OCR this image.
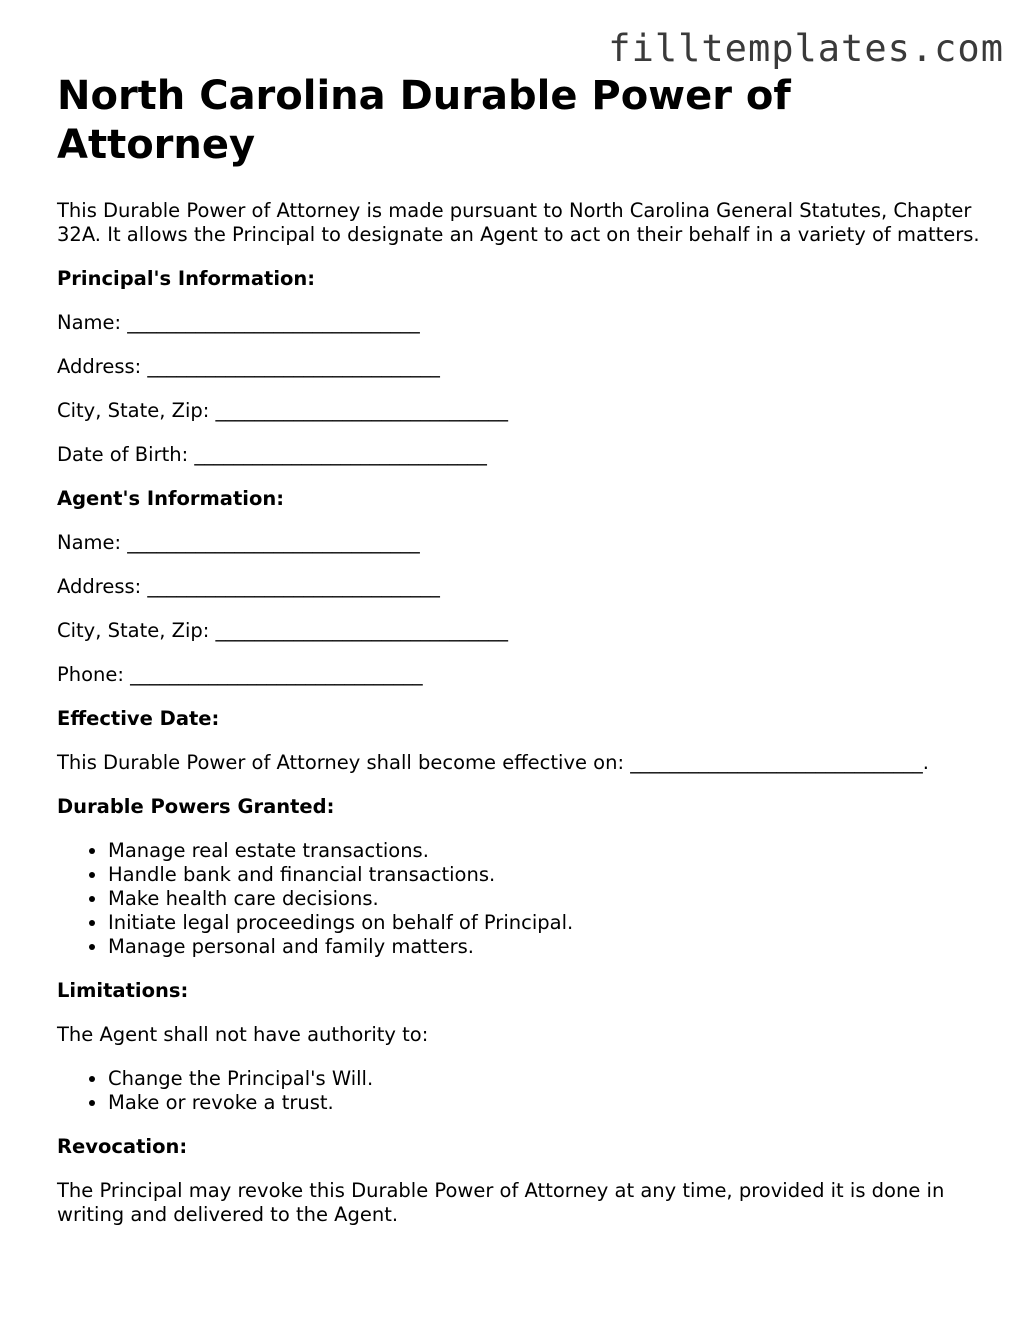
filltemplates.com
North Carolina Durable Power of Attorney

This Durable Power of Attorney is made pursuant to North Carolina General Statutes, Chapter 32A. It allows the Principal to designate an Agent to act on their behalf in a variety of matters.

Principal's Information:
Name: ______________________________
Address: ______________________________
City, State, Zip: ______________________________
Date of Birth: ______________________________
Agent's Information:
Name: ______________________________
Address: ______________________________
City, State, Zip: ______________________________
Phone: ______________________________
Effective Date:

This Durable Power of Attorney shall become effective on: ______________________________.

Durable Powers Granted:
• Manage real estate transactions.
• Handle bank and financial transactions.
• Make health care decisions.
• Initiate legal proceedings on behalf of Principal.
• Manage personal and family matters.
Limitations:

The Agent shall not have authority to:

• Change the Principal's Will.
• Make or revoke a trust.
Revocation:

The Principal may revoke this Durable Power of Attorney at any time, provided it is done in writing and delivered to the Agent.
